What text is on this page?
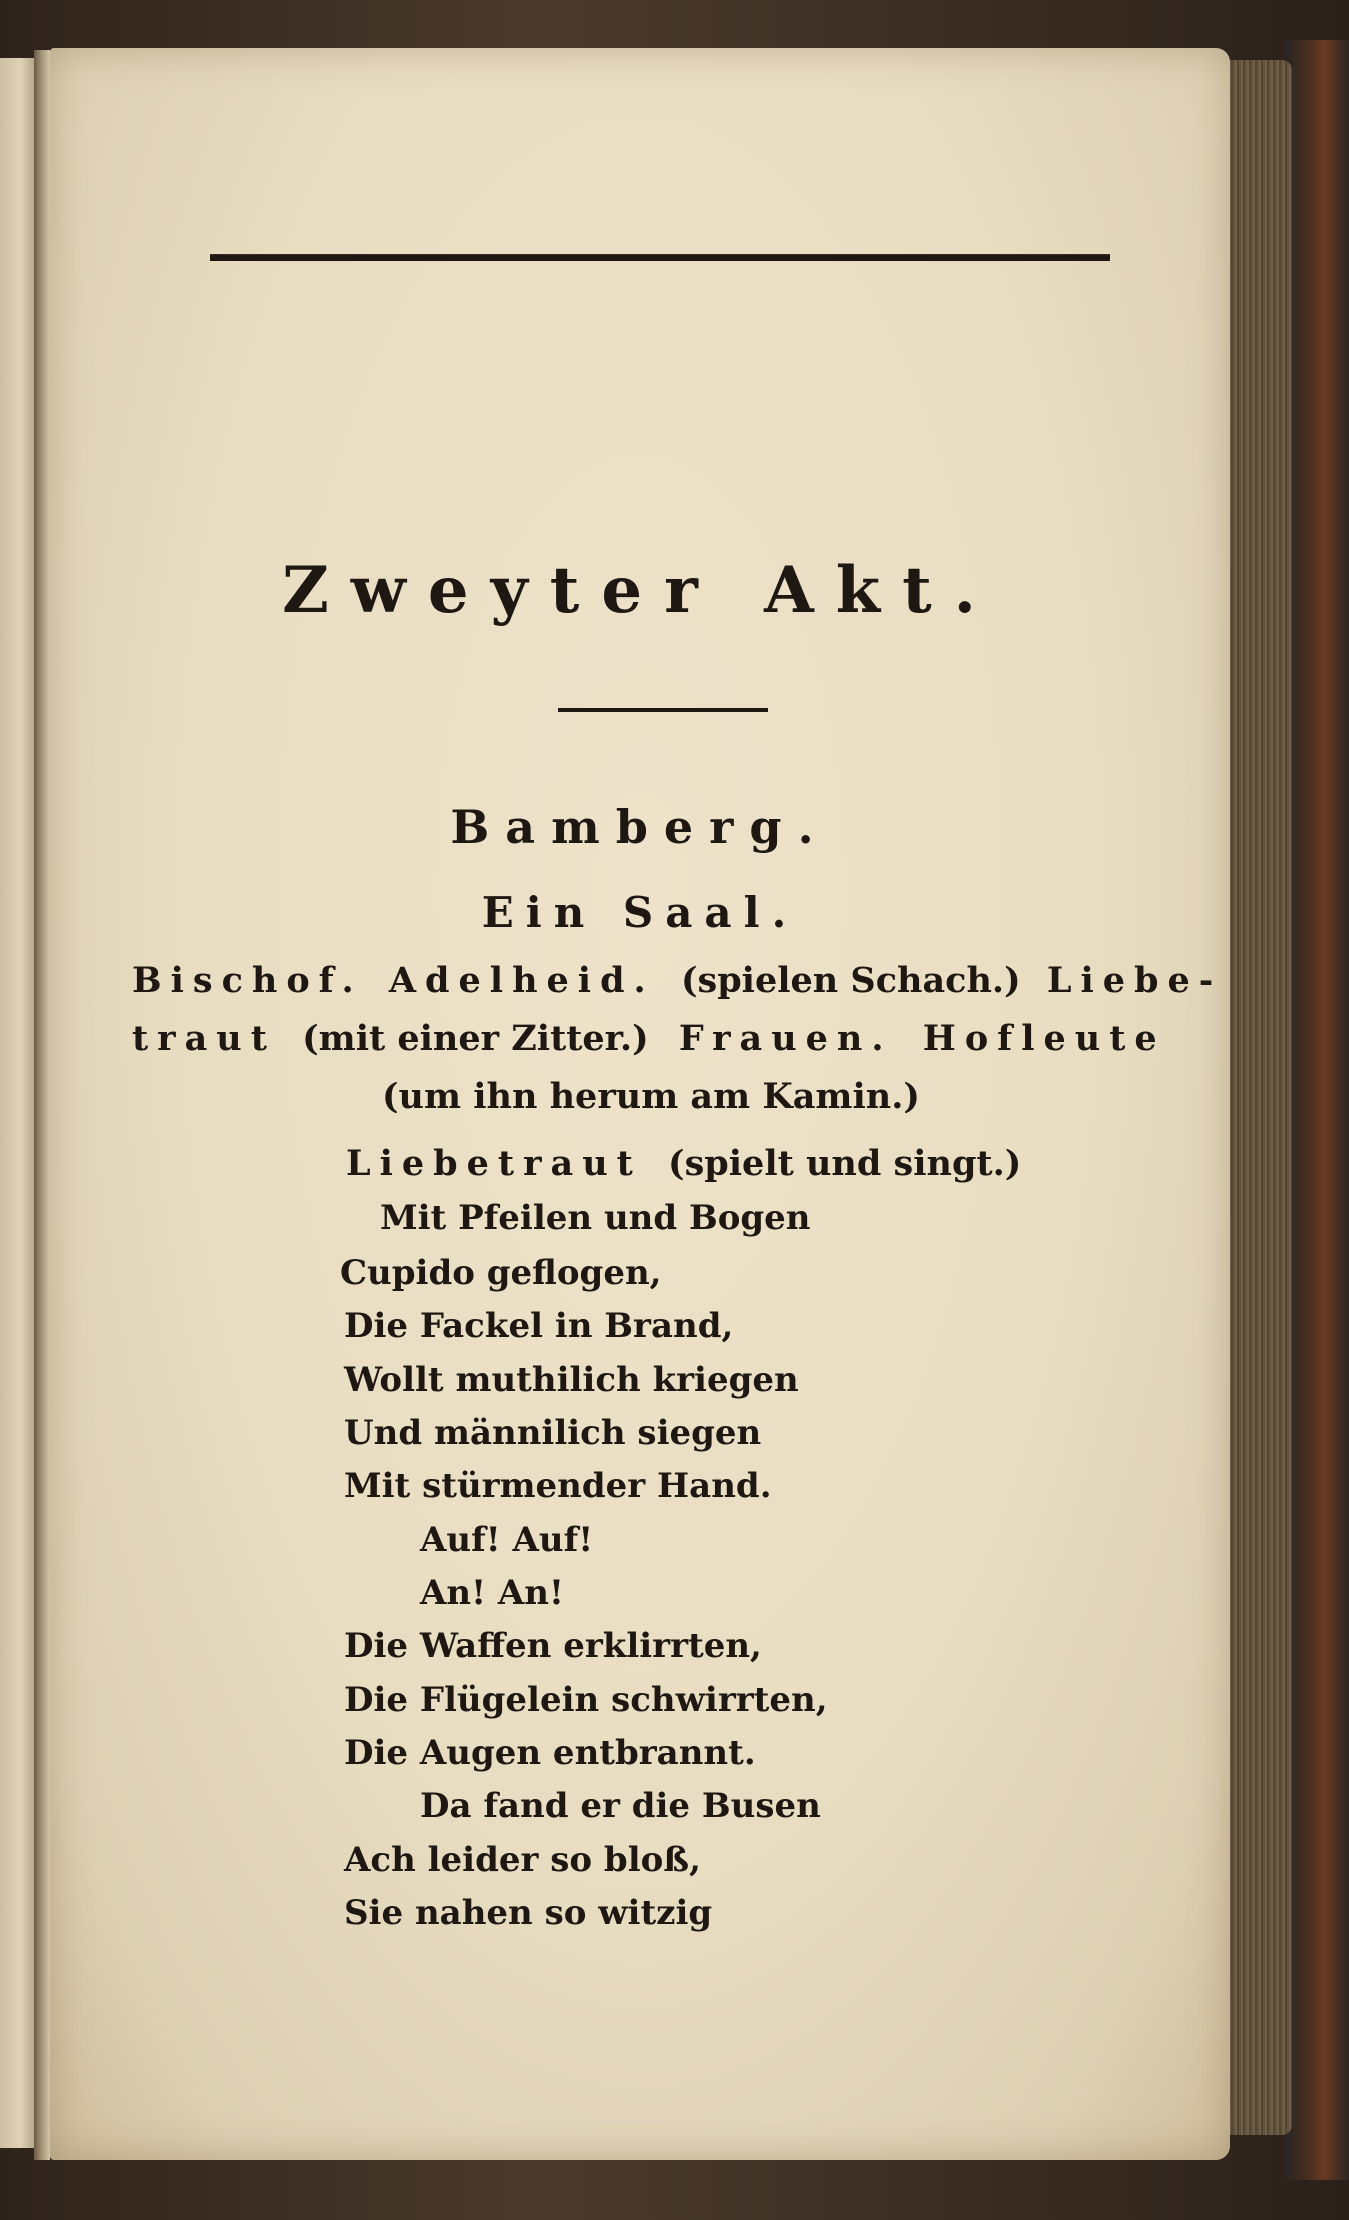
Zweyter Akt.
Bamberg.
Ein Saal.

Bischof. Adelheid. (spielen Schach.) Liebe-

traut (mit einer Zitter.) Frauen. Hofleute

(um ihn herum am Kamin.)

Liebetraut (spielt und singt.)

Mit Pfeilen und Bogen

Cupido geflogen,

Die Fackel in Brand,

Wollt muthilich kriegen

Und männilich siegen

Mit stürmender Hand.

Auf! Auf!

An! An!

Die Waffen erklirrten,

Die Flügelein schwirrten,

Die Augen entbrannt.

Da fand er die Busen

Ach leider so bloß,

Sie nahen so witzig
